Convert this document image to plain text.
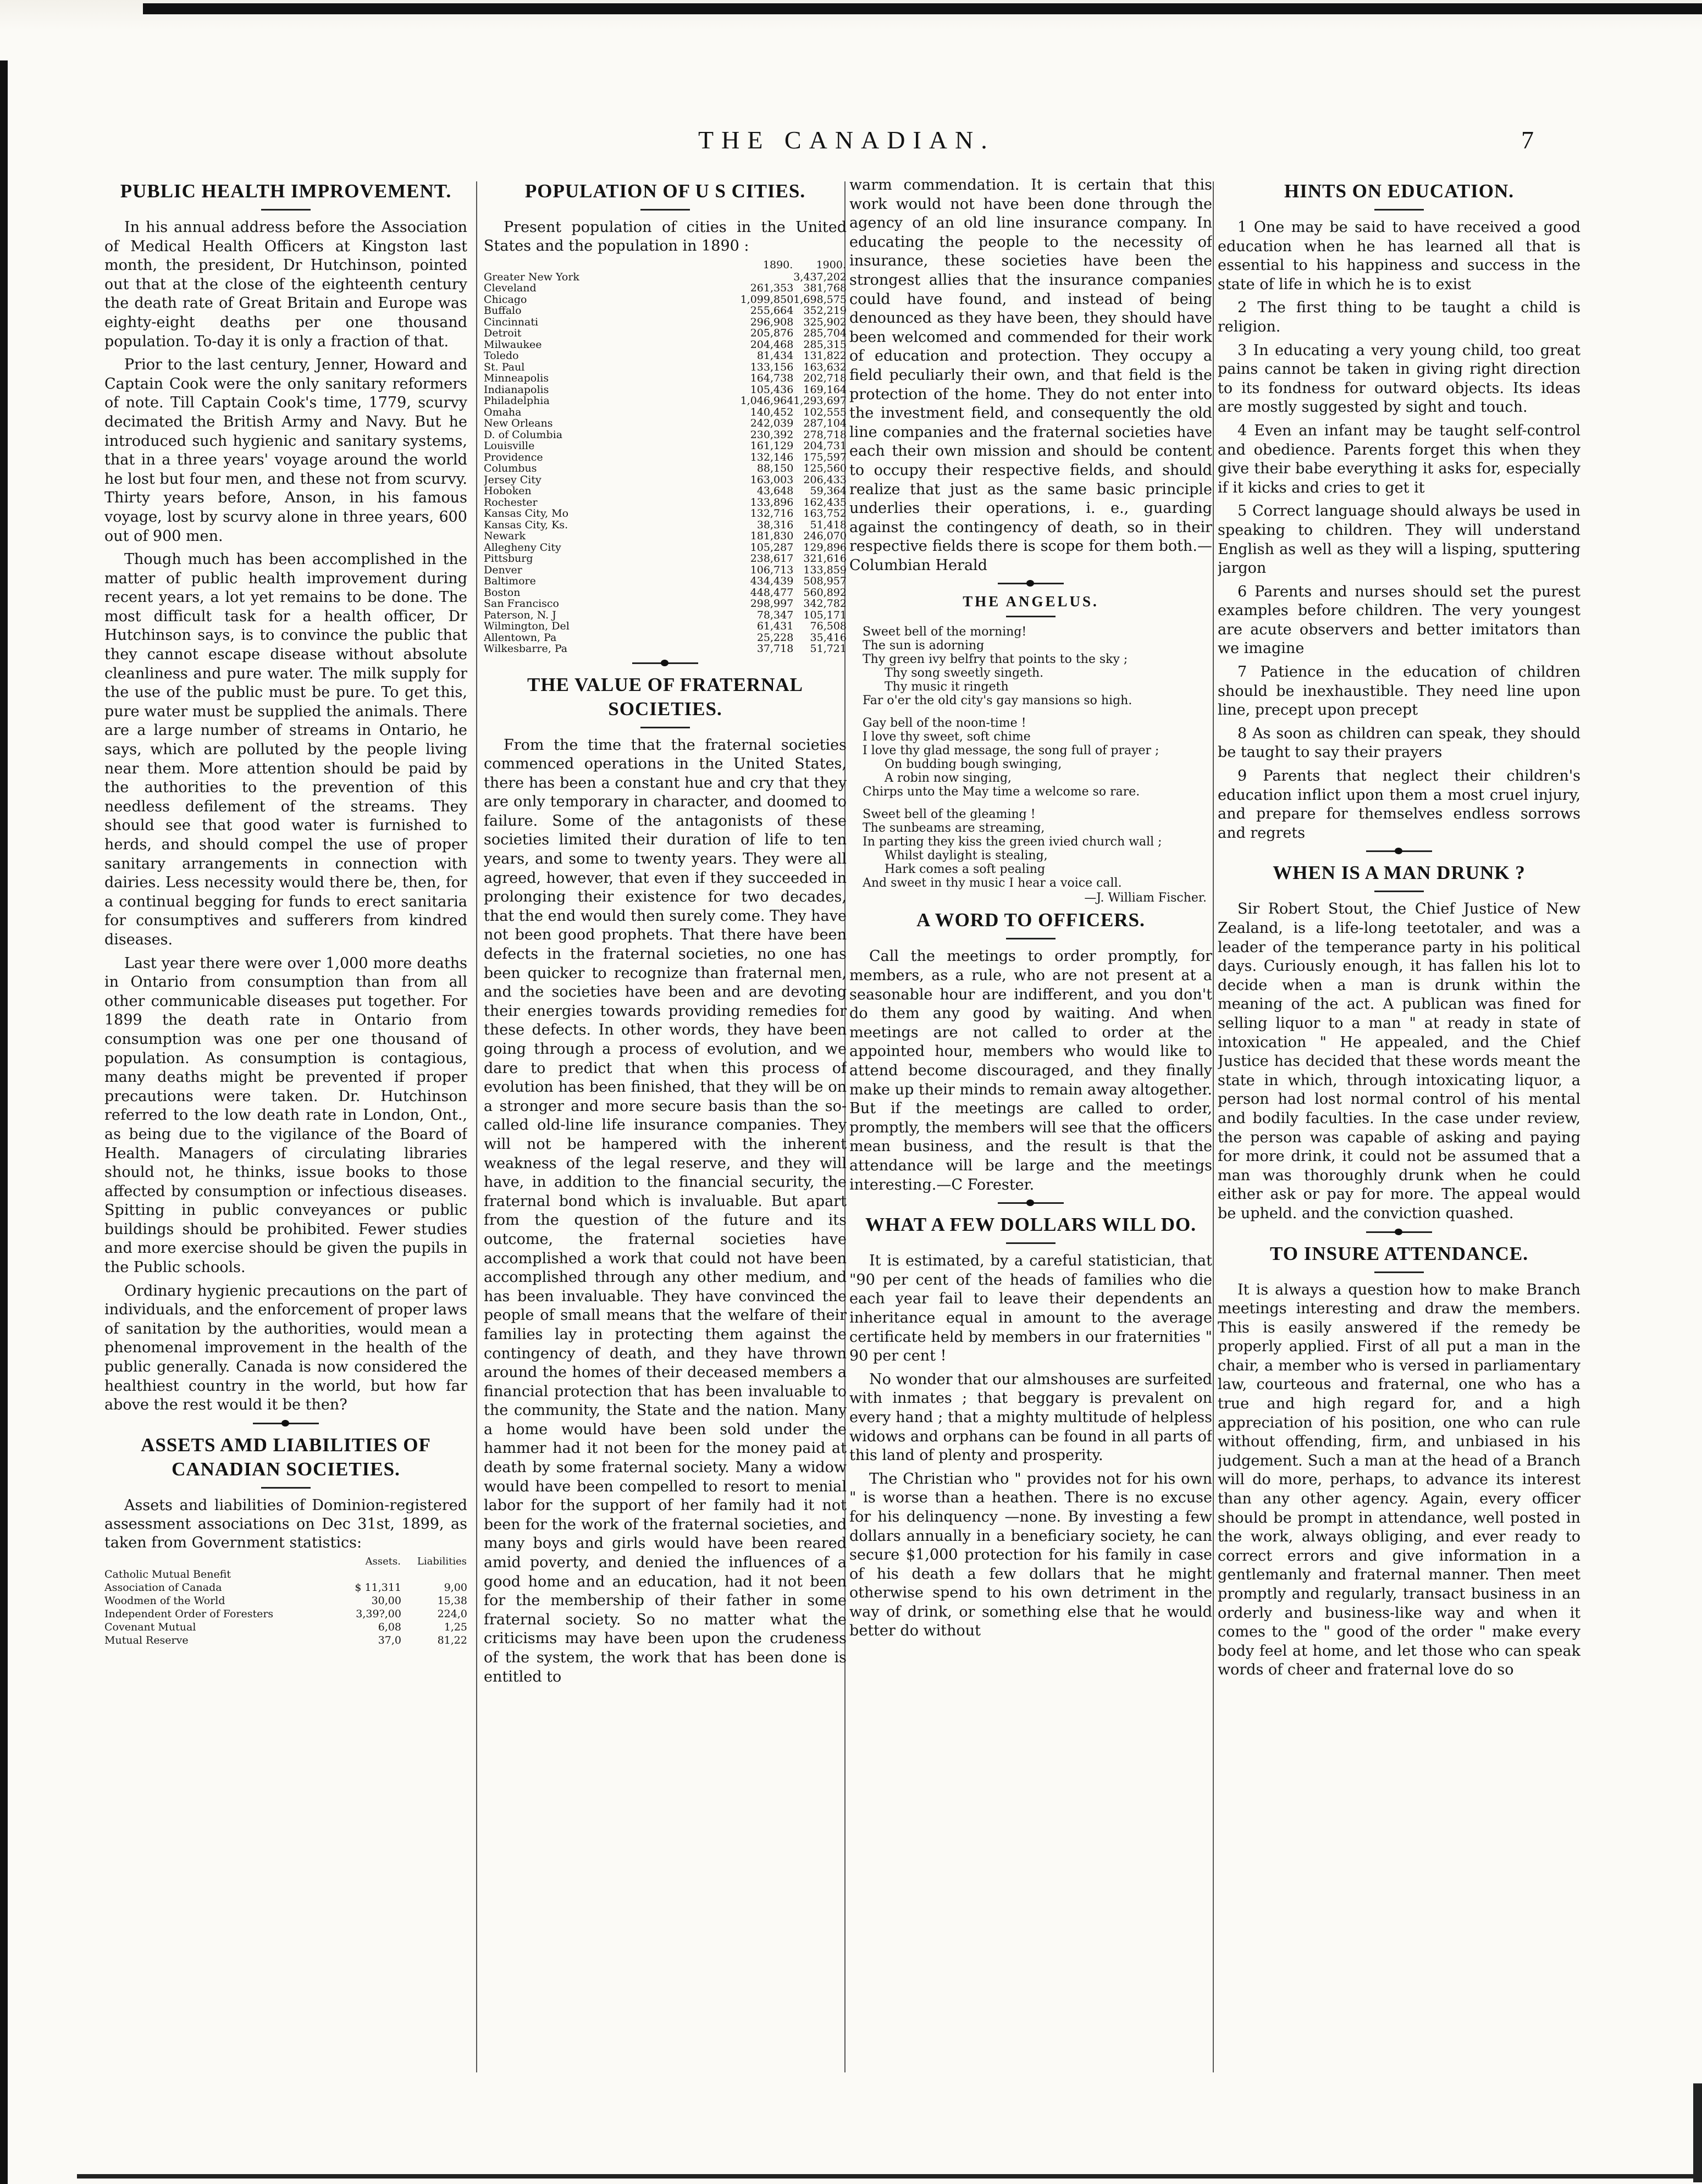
THE CANADIAN.	7
PUBLIC HEALTH IMPROVEMENT.

In his annual address before the Association of Medical Health Officers at Kingston last month, the president, Dr Hutchinson, pointed out that at the close of the eighteenth century the death rate of Great Britain and Europe was eighty-eight deaths per one thousand population. To-day it is only a fraction of that.

Prior to the last century, Jenner, Howard and Captain Cook were the only sanitary reformers of note. Till Captain Cook's time, 1779, scurvy decimated the British Army and Navy. But he introduced such hygienic and sanitary systems, that in a three years' voyage around the world he lost but four men, and these not from scurvy. Thirty years before, Anson, in his famous voyage, lost by scurvy alone in three years, 600 out of 900 men.

Though much has been accomplished in the matter of public health improvement during recent years, a lot yet remains to be done. The most difficult task for a health officer, Dr Hutchinson says, is to convince the public that they cannot escape disease without absolute cleanliness and pure water. The milk supply for the use of the public must be pure. To get this, pure water must be supplied the animals. There are a large number of streams in Ontario, he says, which are polluted by the people living near them. More attention should be paid by the authorities to the prevention of this needless defilement of the streams. They should see that good water is furnished to herds, and should compel the use of proper sanitary arrangements in connection with dairies. Less necessity would there be, then, for a continual begging for funds to erect sanitaria for consumptives and sufferers from kindred diseases.

Last year there were over 1,000 more deaths in Ontario from consumption than from all other communicable diseases put together. For 1899 the death rate in Ontario from consumption was one per one thousand of population. As consumption is contagious, many deaths might be prevented if proper precautions were taken. Dr. Hutchinson referred to the low death rate in London, Ont., as being due to the vigilance of the Board of Health. Managers of circulating libraries should not, he thinks, issue books to those affected by consumption or infectious diseases. Spitting in public conveyances or public buildings should be prohibited. Fewer studies and more exercise should be given the pupils in the Public schools.

Ordinary hygienic precautions on the part of individuals, and the enforcement of proper laws of sanitation by the authorities, would mean a phenomenal improvement in the health of the public generally. Canada is now considered the healthiest country in the world, but how far above the rest would it be then?

ASSETS AMD LIABILITIES OF CANADIAN SOCIETIES.

Assets and liabilities of Dominion-registered assessment associations on Dec 31st, 1899, as taken from Government statistics:

	Assets.	Liabilities
Catholic Mutual Benefit		
Association of Canada	$ 11,311	9,00
Woodmen of the World	30,00	15,38
Independent Order of Foresters	3,39?,00	224,0
Covenant Mutual	6,08	1,25
Mutual Reserve	37,0	81,22
POPULATION OF U S CITIES.

Present population of cities in the United States and the population in 1890 :

	1890.	1900.
Greater New York		3,437,202
Cleveland	261,353	381,768
Chicago	1,099,850	1,698,575
Buffalo	255,664	352,219
Cincinnati	296,908	325,902
Detroit	205,876	285,704
Milwaukee	204,468	285,315
Toledo	81,434	131,822
St. Paul	133,156	163,632
Minneapolis	164,738	202,718
Indianapolis	105,436	169,164
Philadelphia	1,046,964	1,293,697
Omaha	140,452	102,555
New Orleans	242,039	287,104
D. of Columbia	230,392	278,718
Louisville	161,129	204,731
Providence	132,146	175,597
Columbus	88,150	125,560
Jersey City	163,003	206,433
Hoboken	43,648	59,364
Rochester	133,896	162,435
Kansas City, Mo	132,716	163,752
Kansas City, Ks.	38,316	51,418
Newark	181,830	246,070
Allegheny City	105,287	129,896
Pittsburg	238,617	321,616
Denver	106,713	133,859
Baltimore	434,439	508,957
Boston	448,477	560,892
San Francisco	298,997	342,782
Paterson, N. J	78,347	105,171
Wilmington, Del	61,431	76,508
Allentown, Pa	25,228	35,416
Wilkesbarre, Pa	37,718	51,721
THE VALUE OF FRATERNAL SOCIETIES.

From the time that the fraternal societies commenced operations in the United States, there has been a constant hue and cry that they are only temporary in character, and doomed to failure. Some of the antagonists of these societies limited their duration of life to ten years, and some to twenty years. They were all agreed, however, that even if they succeeded in prolonging their existence for two decades, that the end would then surely come. They have not been good prophets. That there have been defects in the fraternal societies, no one has been quicker to recognize than fraternal men, and the societies have been and are devoting their energies towards providing remedies for these defects. In other words, they have been going through a process of evolution, and we dare to predict that when this process of evolution has been finished, that they will be on a stronger and more secure basis than the so-called old-line life insurance companies. They will not be hampered with the inherent weakness of the legal reserve, and they will have, in addition to the financial security, the fraternal bond which is invaluable. But apart from the question of the future and its outcome, the fraternal societies have accomplished a work that could not have been accomplished through any other medium, and has been invaluable. They have convinced the people of small means that the welfare of their families lay in protecting them against the contingency of death, and they have thrown around the homes of their deceased members a financial protection that has been invaluable to the community, the State and the nation. Many a home would have been sold under the hammer had it not been for the money paid at death by some fraternal society. Many a widow would have been compelled to resort to menial labor for the support of her family had it not been for the work of the fraternal societies, and many boys and girls would have been reared amid poverty, and denied the influences of a good home and an education, had it not been for the membership of their father in some fraternal society. So no matter what the criticisms may have been upon the crudeness of the system, the work that has been done is entitled to

warm commendation. It is certain that this work would not have been done through the agency of an old line insurance company. In educating the people to the necessity of insurance, these societies have been the strongest allies that the insurance companies could have found, and instead of being denounced as they have been, they should have been welcomed and commended for their work of education and protection. They occupy a field peculiarly their own, and that field is the protection of the home. They do not enter into the investment field, and consequently the old line companies and the fraternal societies have each their own mission and should be content to occupy their respective fields, and should realize that just as the same basic principle underlies their operations, i. e., guarding against the contingency of death, so in their respective fields there is scope for them both.—Columbian Herald

THE ANGELUS.
Sweet bell of the morning!
The sun is adorning
Thy green ivy belfry that points to the sky ;
Thy song sweetly singeth.
Thy music it ringeth
Far o'er the old city's gay mansions so high.
Gay bell of the noon-time !
I love thy sweet, soft chime
I love thy glad message, the song full of prayer ;
On budding bough swinging,
A robin now singing,
Chirps unto the May time a welcome so rare.
Sweet bell of the gleaming !
The sunbeams are streaming,
In parting they kiss the green ivied church wall ;
Whilst daylight is stealing,
Hark comes a soft pealing
And sweet in thy music I hear a voice call.
—J. William Fischer.
A WORD TO OFFICERS.

Call the meetings to order promptly, for members, as a rule, who are not present at a seasonable hour are indifferent, and you don't do them any good by waiting. And when meetings are not called to order at the appointed hour, members who would like to attend become discouraged, and they finally make up their minds to remain away altogether. But if the meetings are called to order, promptly, the members will see that the officers mean business, and the result is that the attendance will be large and the meetings interesting.—C Forester.

WHAT A FEW DOLLARS WILL DO.

It is estimated, by a careful statistician, that "90 per cent of the heads of families who die each year fail to leave their dependents an inheritance equal in amount to the average certificate held by members in our fraternities " 90 per cent !

No wonder that our almshouses are surfeited with inmates ; that beggary is prevalent on every hand ; that a mighty multitude of helpless widows and orphans can be found in all parts of this land of plenty and prosperity.

The Christian who " provides not for his own " is worse than a heathen. There is no excuse for his delinquency —none. By investing a few dollars annually in a beneficiary society, he can secure $1,000 protection for his family in case of his death a few dollars that he might otherwise spend to his own detriment in the way of drink, or something else that he would better do without

HINTS ON EDUCATION.

1 One may be said to have received a good education when he has learned all that is essential to his happiness and success in the state of life in which he is to exist

2 The first thing to be taught a child is religion.

3 In educating a very young child, too great pains cannot be taken in giving right direction to its fondness for outward objects. Its ideas are mostly suggested by sight and touch.

4 Even an infant may be taught self-control and obedience. Parents forget this when they give their babe everything it asks for, especially if it kicks and cries to get it

5 Correct language should always be used in speaking to children. They will understand English as well as they will a lisping, sputtering jargon

6 Parents and nurses should set the purest examples before children. The very youngest are acute observers and better imitators than we imagine

7 Patience in the education of children should be inexhaustible. They need line upon line, precept upon precept

8 As soon as children can speak, they should be taught to say their prayers

9 Parents that neglect their children's education inflict upon them a most cruel injury, and prepare for themselves endless sorrows and regrets

WHEN IS A MAN DRUNK ?

Sir Robert Stout, the Chief Justice of New Zealand, is a life-long teetotaler, and was a leader of the temperance party in his political days. Curiously enough, it has fallen his lot to decide when a man is drunk within the meaning of the act. A publican was fined for selling liquor to a man " at ready in state of intoxication " He appealed, and the Chief Justice has decided that these words meant the state in which, through intoxicating liquor, a person had lost normal control of his mental and bodily faculties. In the case under review, the person was capable of asking and paying for more drink, it could not be assumed that a man was thoroughly drunk when he could either ask or pay for more. The appeal would be upheld. and the conviction quashed.

TO INSURE ATTENDANCE.

It is always a question how to make Branch meetings interesting and draw the members. This is easily answered if the remedy be properly applied. First of all put a man in the chair, a member who is versed in parliamentary law, courteous and fraternal, one who has a true and high regard for, and a high appreciation of his position, one who can rule without offending, firm, and unbiased in his judgement. Such a man at the head of a Branch will do more, perhaps, to advance its interest than any other agency. Again, every officer should be prompt in attendance, well posted in the work, always obliging, and ever ready to correct errors and give information in a gentlemanly and fraternal manner. Then meet promptly and regularly, transact business in an orderly and business-like way and when it comes to the " good of the order " make every body feel at home, and let those who can speak words of cheer and fraternal love do so
